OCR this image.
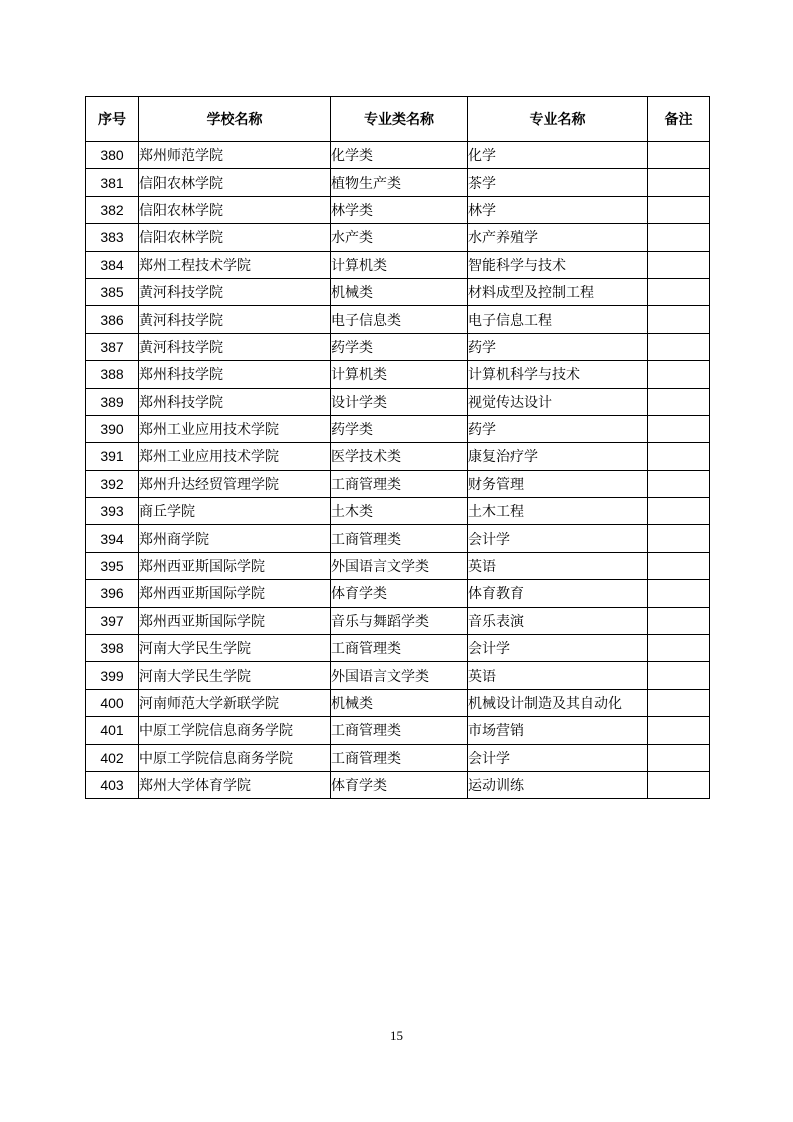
序号	学校名称	专业类名称	专业名称	备注
380	郑州师范学院	化学类	化学	
381	信阳农林学院	植物生产类	茶学	
382	信阳农林学院	林学类	林学	
383	信阳农林学院	水产类	水产养殖学	
384	郑州工程技术学院	计算机类	智能科学与技术	
385	黄河科技学院	机械类	材料成型及控制工程	
386	黄河科技学院	电子信息类	电子信息工程	
387	黄河科技学院	药学类	药学	
388	郑州科技学院	计算机类	计算机科学与技术	
389	郑州科技学院	设计学类	视觉传达设计	
390	郑州工业应用技术学院	药学类	药学	
391	郑州工业应用技术学院	医学技术类	康复治疗学	
392	郑州升达经贸管理学院	工商管理类	财务管理	
393	商丘学院	土木类	土木工程	
394	郑州商学院	工商管理类	会计学	
395	郑州西亚斯国际学院	外国语言文学类	英语	
396	郑州西亚斯国际学院	体育学类	体育教育	
397	郑州西亚斯国际学院	音乐与舞蹈学类	音乐表演	
398	河南大学民生学院	工商管理类	会计学	
399	河南大学民生学院	外国语言文学类	英语	
400	河南师范大学新联学院	机械类	机械设计制造及其自动化	
401	中原工学院信息商务学院	工商管理类	市场营销	
402	中原工学院信息商务学院	工商管理类	会计学	
403	郑州大学体育学院	体育学类	运动训练	
15
